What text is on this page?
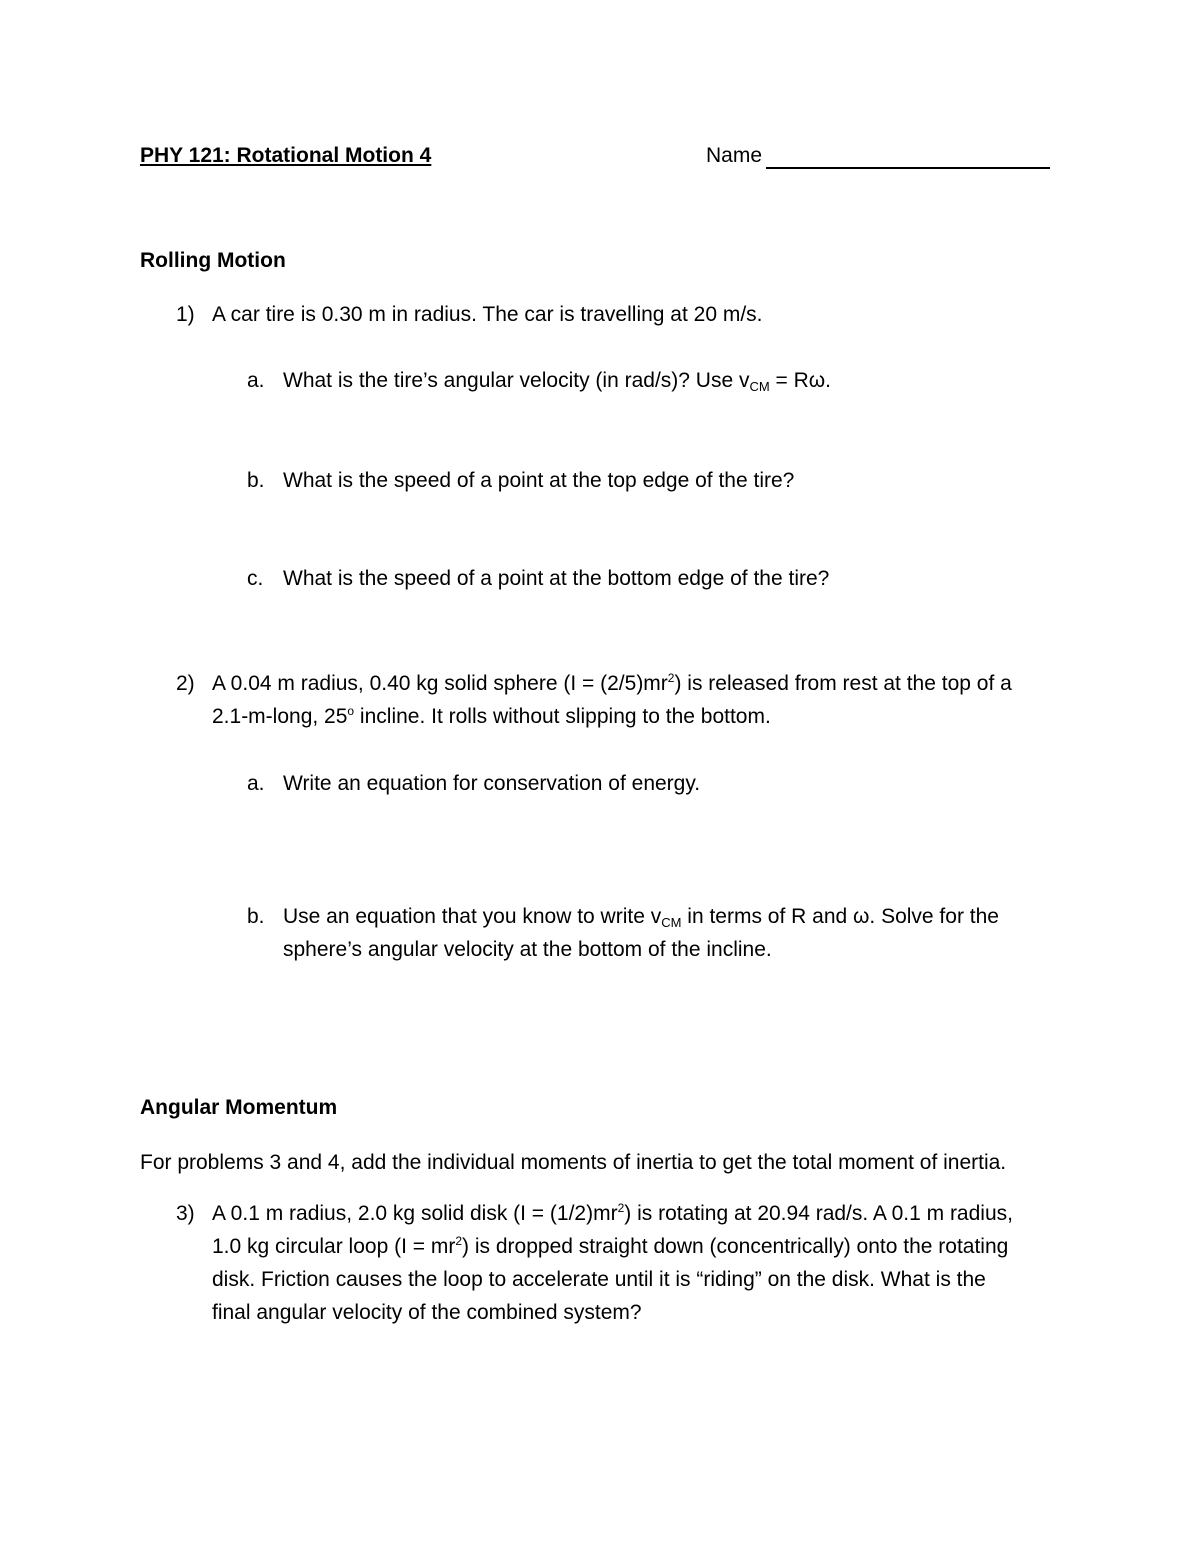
PHY 121: Rotational Motion 4	Name
Rolling Motion
1) A car tire is 0.30 m in radius. The car is travelling at 20 m/s.
a. What is the tire’s angular velocity (in rad/s)? Use $v_{CM} = R\omega$.
b. What is the speed of a point at the top edge of the tire?
c. What is the speed of a point at the bottom edge of the tire?
2) A 0.04 m radius, 0.40 kg solid sphere $(I = (2/5)mr^2)$ is released from rest at the top of a
2.1-m-long, 25$^o$ incline. It rolls without slipping to the bottom.
a. Write an equation for conservation of energy.
b. Use an equation that you know to write $v_{CM}$ in terms of R and ω. Solve for the
sphere’s angular velocity at the bottom of the incline.
Angular Momentum
For problems 3 and 4, add the individual moments of inertia to get the total moment of inertia.
3) A 0.1 m radius, 2.0 kg solid disk $(I = (1/2)mr^2)$ is rotating at 20.94 rad/s. A 0.1 m radius,
1.0 kg circular loop $(I = mr^2)$ is dropped straight down (concentrically) onto the rotating
disk. Friction causes the loop to accelerate until it is “riding” on the disk. What is the
final angular velocity of the combined system?
